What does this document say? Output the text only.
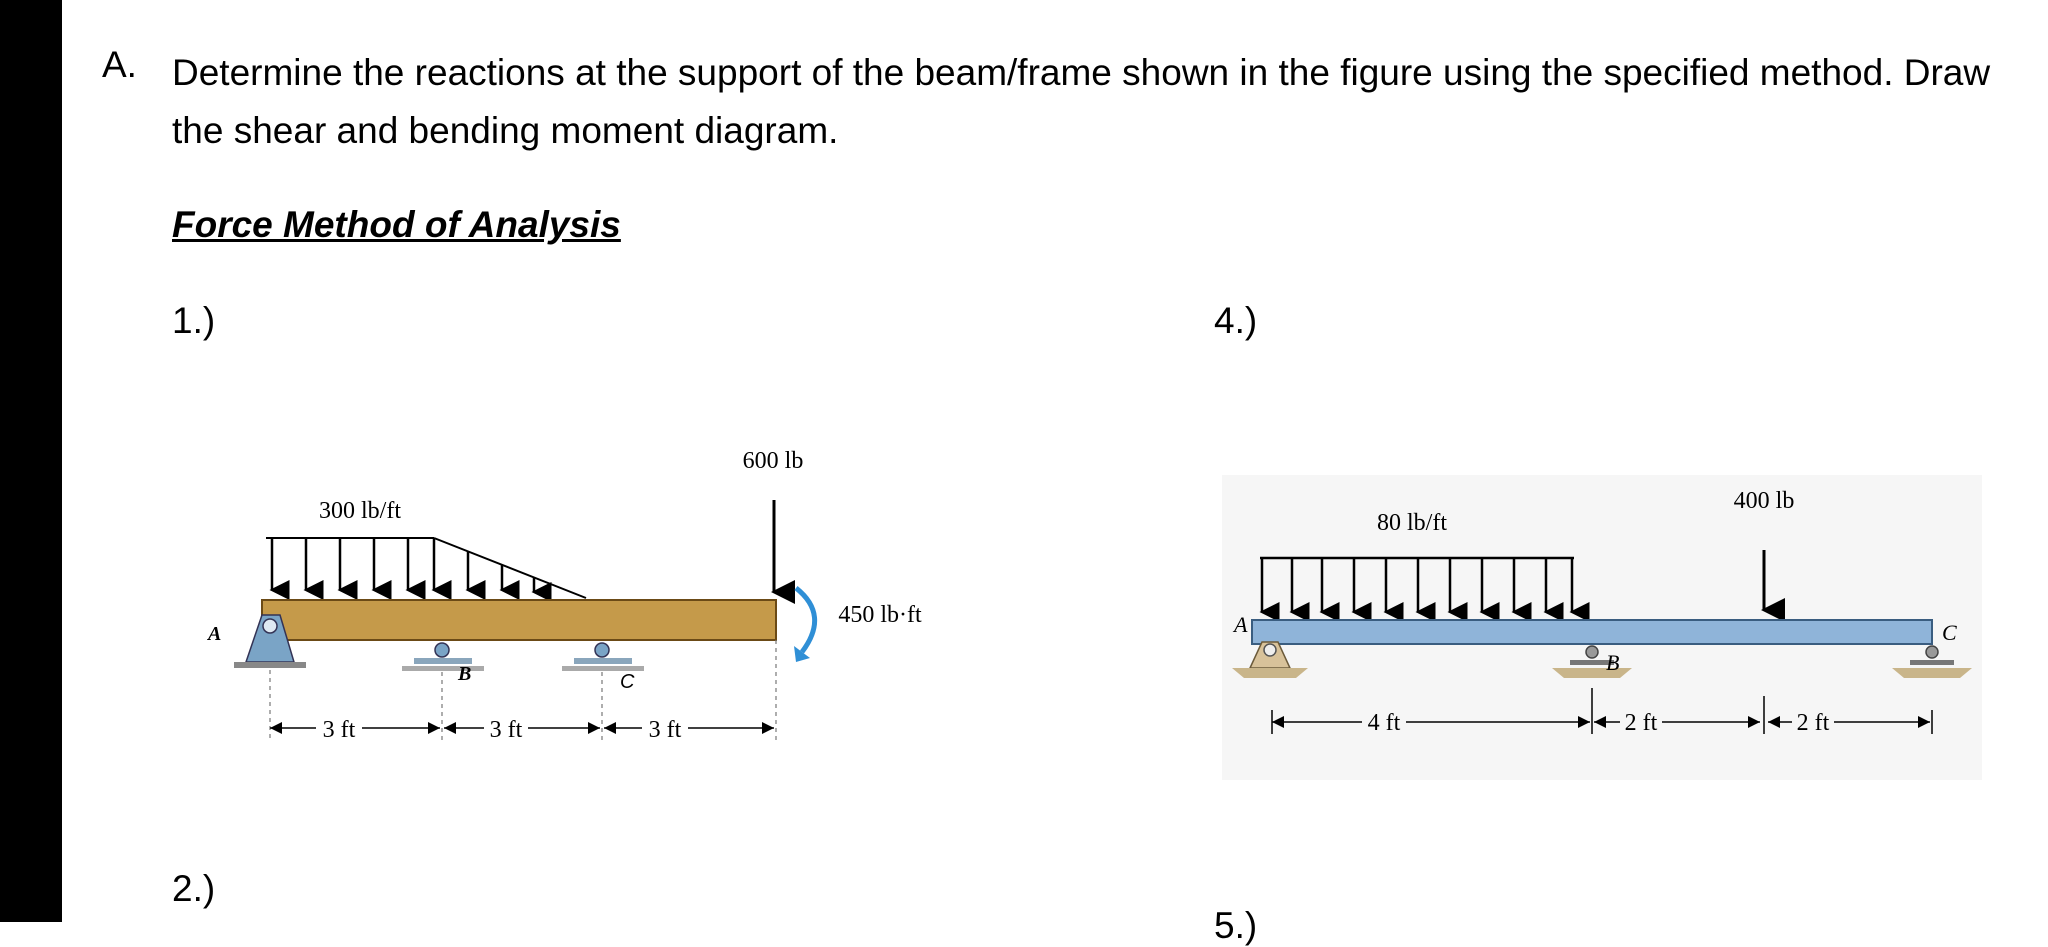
A. Determine the reactions at the support of the beam/frame shown in the figure using the specified method. Draw the shear and bending moment diagram.
Force Method of Analysis
1.)
2.)
4.)
5.)
300 lb/ft
600 lb
450 lb·ft
A
B	C
3 ft	3 ft	3 ft
80 lb/ft
400 lb
A
B
C
4 ft	2 ft	2 ft
